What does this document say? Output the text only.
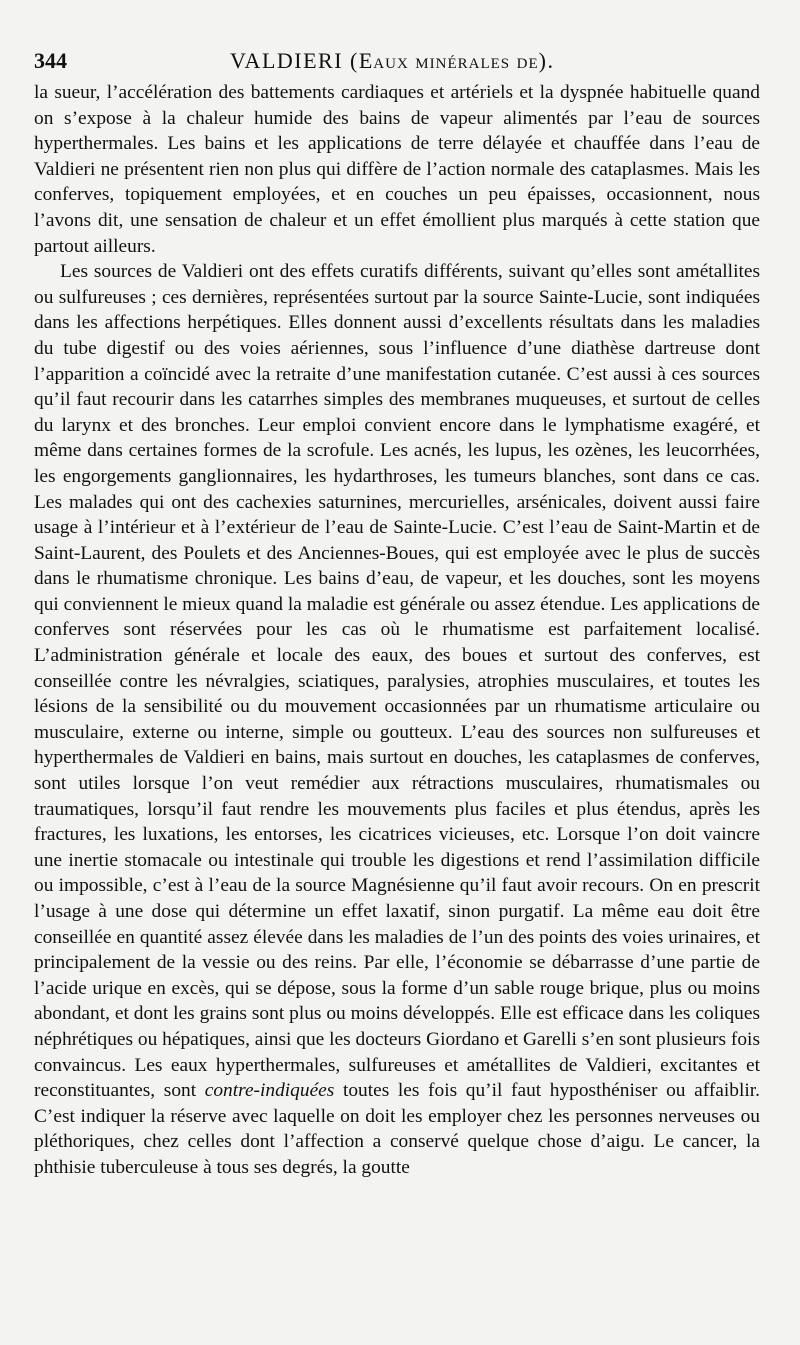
344	VALDIERI (Eaux minérales de).

la sueur, l’accélération des battements cardiaques et artériels et la dyspnée habituelle quand on s’expose à la chaleur humide des bains de vapeur alimentés par l’eau de sources hyperthermales. Les bains et les applications de terre délayée et chauffée dans l’eau de Valdieri ne présentent rien non plus qui diffère de l’action normale des cataplasmes. Mais les conferves, topiquement employées, et en couches un peu épaisses, occasionnent, nous l’avons dit, une sensation de chaleur et un effet émollient plus marqués à cette station que partout ailleurs.

Les sources de Valdieri ont des effets curatifs différents, suivant qu’elles sont amétallites ou sulfureuses ; ces dernières, représentées surtout par la source Sainte-Lucie, sont indiquées dans les affections herpétiques. Elles donnent aussi d’excellents résultats dans les maladies du tube digestif ou des voies aériennes, sous l’influence d’une diathèse dartreuse dont l’apparition a coïncidé avec la retraite d’une manifestation cutanée. C’est aussi à ces sources qu’il faut recourir dans les catarrhes simples des membranes muqueuses, et surtout de celles du larynx et des bronches. Leur emploi convient encore dans le lymphatisme exagéré, et même dans certaines formes de la scrofule. Les acnés, les lupus, les ozènes, les leucorrhées, les engorgements ganglionnaires, les hydarthroses, les tumeurs blanches, sont dans ce cas. Les malades qui ont des cachexies saturnines, mercurielles, arsénicales, doivent aussi faire usage à l’intérieur et à l’extérieur de l’eau de Sainte-Lucie. C’est l’eau de Saint-Martin et de Saint-Laurent, des Poulets et des Anciennes-Boues, qui est employée avec le plus de succès dans le rhumatisme chronique. Les bains d’eau, de vapeur, et les douches, sont les moyens qui conviennent le mieux quand la maladie est générale ou assez étendue. Les applications de conferves sont réservées pour les cas où le rhumatisme est parfaitement localisé. L’administration générale et locale des eaux, des boues et surtout des conferves, est conseillée contre les névralgies, sciatiques, paralysies, atrophies musculaires, et toutes les lésions de la sensibilité ou du mouvement occasionnées par un rhumatisme articulaire ou musculaire, externe ou interne, simple ou goutteux. L’eau des sources non sulfureuses et hyperthermales de Valdieri en bains, mais surtout en douches, les cataplasmes de conferves, sont utiles lorsque l’on veut remédier aux rétractions musculaires, rhumatismales ou traumatiques, lorsqu’il faut rendre les mouvements plus faciles et plus étendus, après les fractures, les luxations, les entorses, les cicatrices vicieuses, etc. Lorsque l’on doit vaincre une inertie stomacale ou intestinale qui trouble les digestions et rend l’assimilation difficile ou impossible, c’est à l’eau de la source Magnésienne qu’il faut avoir recours. On en prescrit l’usage à une dose qui détermine un effet laxatif, sinon purgatif. La même eau doit être conseillée en quantité assez élevée dans les maladies de l’un des points des voies urinaires, et principalement de la vessie ou des reins. Par elle, l’économie se débarrasse d’une partie de l’acide urique en excès, qui se dépose, sous la forme d’un sable rouge brique, plus ou moins abondant, et dont les grains sont plus ou moins développés. Elle est efficace dans les coliques néphrétiques ou hépatiques, ainsi que les docteurs Giordano et Garelli s’en sont plusieurs fois convaincus. Les eaux hyperthermales, sulfureuses et amétallites de Valdieri, excitantes et reconstituantes, sont contre-indiquées toutes les fois qu’il faut hyposthéniser ou affaiblir. C’est indiquer la réserve avec laquelle on doit les employer chez les personnes nerveuses ou pléthoriques, chez celles dont l’affection a conservé quelque chose d’aigu. Le cancer, la phthisie tuberculeuse à tous ses degrés, la goutte
